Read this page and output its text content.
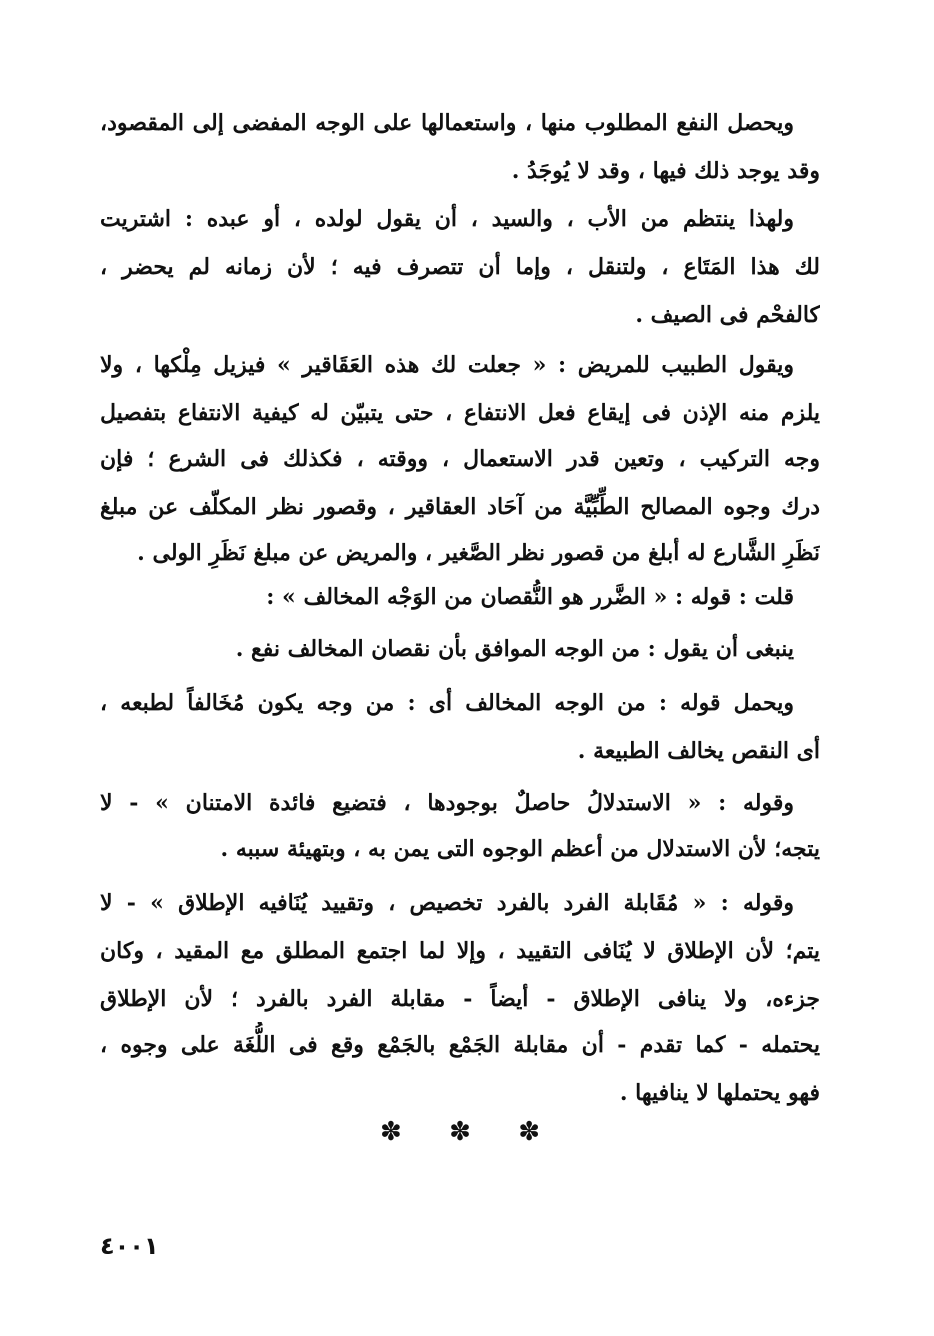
ويحصل النفع المطلوب منها ، واستعمالها على الوجه المفضى إلى المقصود،
وقد يوجد ذلك فيها ، وقد لا يُوجَدُ .
ولهذا ينتظم من الأب ، والسيد ، أن يقول لولده ، أو عبده : اشتريت
لك هذا المَتَاع ، ولتنقل ، وإما أن تتصرف فيه ؛ لأن زمانه لم يحضر ،
كالفحْم فى الصيف .
ويقول الطبيب للمريض : « جعلت لك هذه العَقَاقير » فيزيل مِلْكها ، ولا
يلزم منه الإذن فى إيقاع فعل الانتفاع ، حتى يتبيّن له كيفية الانتفاع بتفصيل
وجه التركيب ، وتعين قدر الاستعمال ، ووقته ، فكذلك فى الشرع ؛ فإن
درك وجوه المصالح الطِّبِّيَّة من آحَاد العقاقير ، وقصور نظر المكلّف عن مبلغ
نَظَرِ الشَّارع له أبلغ من قصور نظر الصَّغير ، والمريض عن مبلغ نَظَرِ الولى .
قلت : قوله : « الضَّرر هو النُّقصان من الوَجْه المخالف » :
ينبغى أن يقول : من الوجه الموافق بأن نقصان المخالف نفع .
ويحمل قوله : من الوجه المخالف أى : من وجه يكون مُخَالفاً لطبعه ،
أى النقص يخالف الطبيعة .
وقوله : « الاستدلالُ حاصلٌ بوجودها ، فتضيع فائدة الامتنان » - لا
يتجه؛ لأن الاستدلال من أعظم الوجوه التى يمن به ، وبتهيئة سببه .
وقوله : « مُقَابلة الفرد بالفرد تخصيص ، وتقييد يُنَافيه الإطلاق » - لا
يتم؛ لأن الإطلاق لا يُنَافى التقييد ، وإلا لما اجتمع المطلق مع المقيد ، وكان
جزءه، ولا ينافى الإطلاق - أيضاً - مقابلة الفرد بالفرد ؛ لأن الإطلاق
يحتمله - كما تقدم - أن مقابلة الجَمْع بالجَمْع وقع فى اللُّغَة على وجوه ،
فهو يحتملها لا ينافيها .
✽ ✽ ✽
٤٠٠١
